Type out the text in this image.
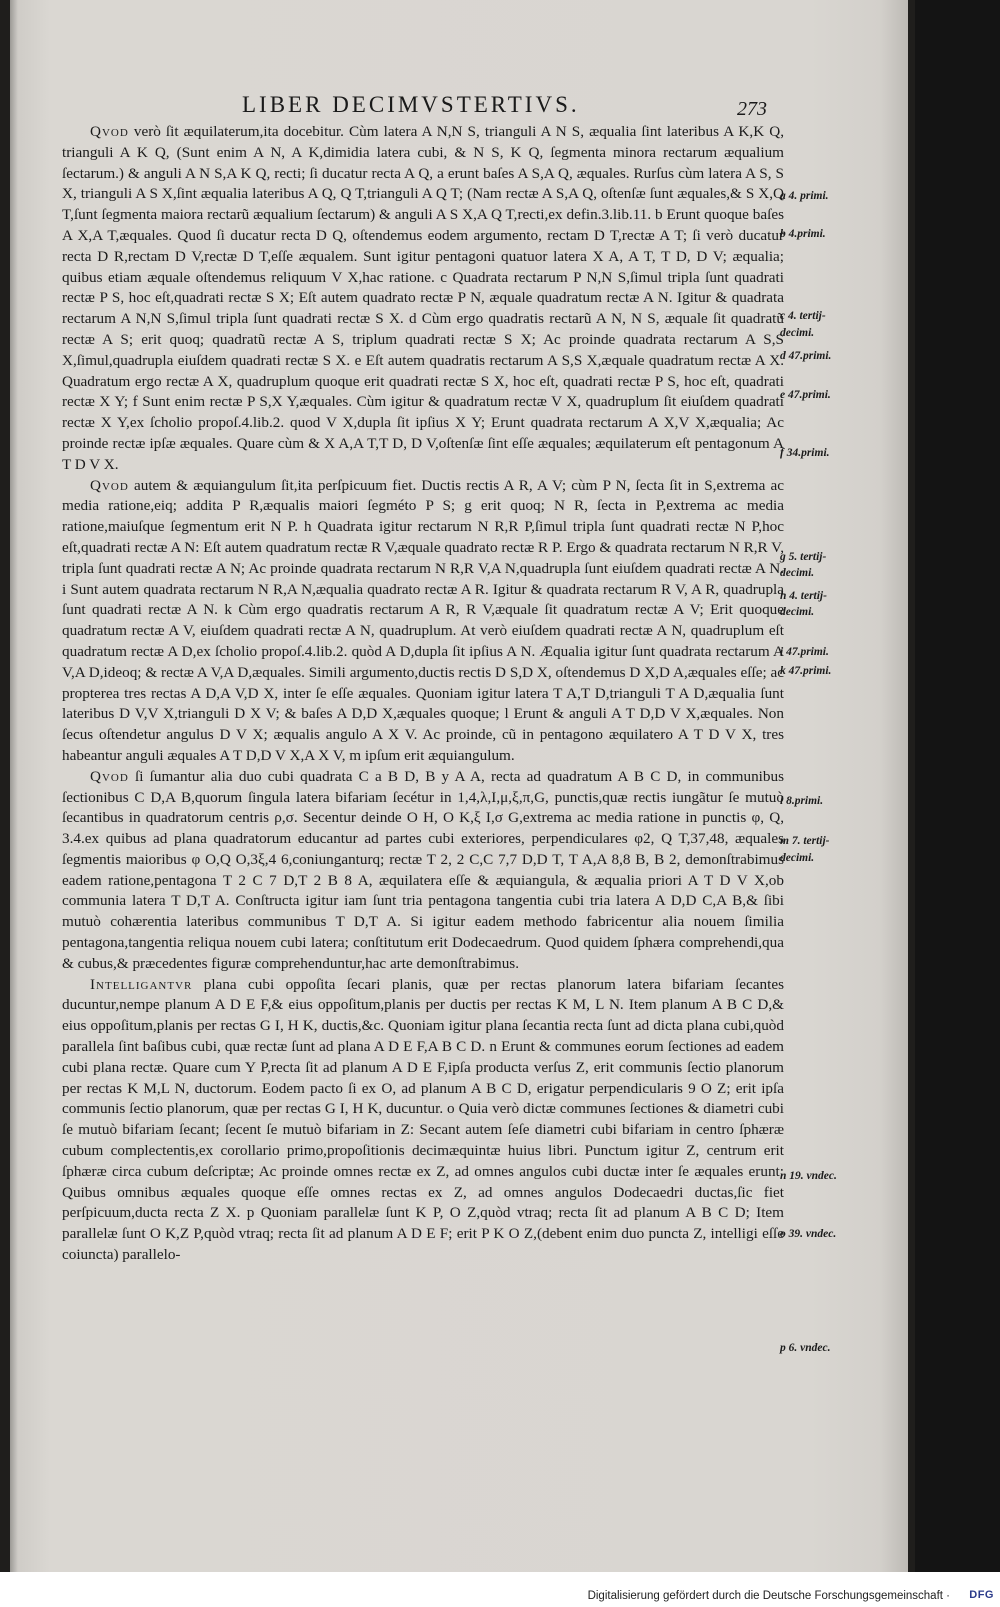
LIBER DECIMVSTERTIVS.	273

Qvod verò ſit æquilaterum,ita docebitur. Cùm latera A N,N S, trianguli A N S, æqualia ſint lateribus A K,K Q, trianguli A K Q, (Sunt enim A N, A K,dimidia latera cubi, & N S, K Q, ſegmenta minora rectarum æqualium ſectarum.) & anguli A N S,A K Q, recti; ſi ducatur recta A Q, a erunt baſes A S,A Q, æquales. Rurſus cùm latera A S, S X, trianguli A S X,ſint æqualia lateribus A Q, Q T,trianguli A Q T; (Nam rectæ A S,A Q, oſtenſæ ſunt æquales,& S X,Q T,ſunt ſegmenta maiora rectarũ æqualium ſectarum) & anguli A S X,A Q T,recti,ex defin.3.lib.11. b Erunt quoque baſes A X,A T,æquales. Quod ſi ducatur recta D Q, oſtendemus eodem argumento, rectam D T,rectæ A T; ſi verò ducatur recta D R,rectam D V,rectæ D T,eſſe æqualem. Sunt igitur pentagoni quatuor latera X A, A T, T D, D V; æqualia; quibus etiam æquale oſtendemus reliquum V X,hac ratione. c Quadrata rectarum P N,N S,ſimul tripla ſunt quadrati rectæ P S, hoc eſt,quadrati rectæ S X; Eſt autem quadrato rectæ P N, æquale quadratum rectæ A N. Igitur & quadrata rectarum A N,N S,ſimul tripla ſunt quadrati rectæ S X. d Cùm ergo quadratis rectarũ A N, N S, æquale ſit quadratũ rectæ A S; erit quoq; quadratũ rectæ A S, triplum quadrati rectæ S X; Ac proinde quadrata rectarum A S,S X,ſimul,quadrupla eiuſdem quadrati rectæ S X. e Eſt autem quadratis rectarum A S,S X,æquale quadratum rectæ A X. Quadratum ergo rectæ A X, quadruplum quoque erit quadrati rectæ S X, hoc eſt, quadrati rectæ P S, hoc eſt, quadrati rectæ X Y; f Sunt enim rectæ P S,X Y,æquales. Cùm igitur & quadratum rectæ V X, quadruplum ſit eiuſdem quadrati rectæ X Y,ex ſcholio propoſ.4.lib.2. quod V X,dupla ſit ipſius X Y; Erunt quadrata rectarum A X,V X,æqualia; Ac proinde rectæ ipſæ æquales. Quare cùm & X A,A T,T D, D V,oſtenſæ ſint eſſe æquales; æquilaterum eſt pentagonum A T D V X.

Qvod autem & æquiangulum ſit,ita perſpicuum fiet. Ductis rectis A R, A V; cùm P N, ſecta ſit in S,extrema ac media ratione,eiq; addita P R,æqualis maiori ſegméto P S; g erit quoq; N R, ſecta in P,extrema ac media ratione,maiuſque ſegmentum erit N P. h Quadrata igitur rectarum N R,R P,ſimul tripla ſunt quadrati rectæ N P,hoc eſt,quadrati rectæ A N: Eſt autem quadratum rectæ R V,æquale quadrato rectæ R P. Ergo & quadrata rectarum N R,R V, tripla ſunt quadrati rectæ A N; Ac proinde quadrata rectarum N R,R V,A N,quadrupla ſunt eiuſdem quadrati rectæ A N. i Sunt autem quadrata rectarum N R,A N,æqualia quadrato rectæ A R. Igitur & quadrata rectarum R V, A R, quadrupla ſunt quadrati rectæ A N. k Cùm ergo quadratis rectarum A R, R V,æquale ſit quadratum rectæ A V; Erit quoque quadratum rectæ A V, eiuſdem quadrati rectæ A N, quadruplum. At verò eiuſdem quadrati rectæ A N, quadruplum eſt quadratum rectæ A D,ex ſcholio propoſ.4.lib.2. quòd A D,dupla ſit ipſius A N. Æqualia igitur ſunt quadrata rectarum A V,A D,ideoq; & rectæ A V,A D,æquales. Simili argumento,ductis rectis D S,D X, oſtendemus D X,D A,æquales eſſe; ac propterea tres rectas A D,A V,D X, inter ſe eſſe æquales. Quoniam igitur latera T A,T D,trianguli T A D,æqualia ſunt lateribus D V,V X,trianguli D X V; & baſes A D,D X,æquales quoque; l Erunt & anguli A T D,D V X,æquales. Non ſecus oſtendetur angulus D V X; æqualis angulo A X V. Ac proinde, cũ in pentagono æquilatero A T D V X, tres habeantur anguli æquales A T D,D V X,A X V, m ipſum erit æquiangulum.

Qvod ſi ſumantur alia duo cubi quadrata C a B D, B y A A, recta ad quadratum A B C D, in communibus ſectionibus C D,A B,quorum ſingula latera bifariam ſecétur in 1,4,λ,I,μ,ξ,π,G, punctis,quæ rectis iungãtur ſe mutuò ſecantibus in quadratorum centris ρ,σ. Secentur deinde O H, O K,ξ I,σ G,extrema ac media ratione in punctis φ, Q, 3.4.ex quibus ad plana quadratorum educantur ad partes cubi exteriores, perpendiculares φ2, Q T,37,48, æquales ſegmentis maioribus φ O,Q O,3ξ,4 6,coniunganturq; rectæ T 2, 2 C,C 7,7 D,D T, T A,A 8,8 B, B 2, demonſtrabimus eadem ratione,pentagona T 2 C 7 D,T 2 B 8 A, æquilatera eſſe & æquiangula, & æqualia priori A T D V X,ob communia latera T D,T A. Conſtructa igitur iam ſunt tria pentagona tangentia cubi tria latera A D,D C,A B,& ſibi mutuò cohærentia lateribus communibus T D,T A. Si igitur eadem methodo fabricentur alia nouem ſimilia pentagona,tangentia reliqua nouem cubi latera; conſtitutum erit Dodecaedrum. Quod quidem ſphæra comprehendi,qua & cubus,& præcedentes figuræ comprehenduntur,hac arte demonſtrabimus.

Intelligantvr plana cubi oppoſita ſecari planis, quæ per rectas planorum latera bifariam ſecantes ducuntur,nempe planum A D E F,& eius oppoſitum,planis per ductis per rectas K M, L N. Item planum A B C D,& eius oppoſitum,planis per rectas G I, H K, ductis,&c. Quoniam igitur plana ſecantia recta ſunt ad dicta plana cubi,quòd parallela ſint baſibus cubi, quæ rectæ ſunt ad plana A D E F,A B C D. n Erunt & communes eorum ſectiones ad eadem cubi plana rectæ. Quare cum Y P,recta ſit ad planum A D E F,ipſa producta verſus Z, erit communis ſectio planorum per rectas K M,L N, ductorum. Eodem pacto ſi ex O, ad planum A B C D, erigatur perpendicularis 9 O Z; erit ipſa communis ſectio planorum, quæ per rectas G I, H K, ducuntur. o Quia verò dictæ communes ſectiones & diametri cubi ſe mutuò bifariam ſecant; ſecent ſe mutuò bifariam in Z: Secant autem ſeſe diametri cubi bifariam in centro ſphæræ cubum complectentis,ex corollario primo,propoſitionis decimæquintæ huius libri. Punctum igitur Z, centrum erit ſphæræ circa cubum deſcriptæ; Ac proinde omnes rectæ ex Z, ad omnes angulos cubi ductæ inter ſe æquales erunt: Quibus omnibus æquales quoque eſſe omnes rectas ex Z, ad omnes angulos Dodecaedri ductas,ſic fiet perſpicuum,ducta recta Z X. p Quoniam parallelæ ſunt K P, O Z,quòd vtraq; recta ſit ad planum A B C D; Item parallelæ ſunt O K,Z P,quòd vtraq; recta ſit ad planum A D E F; erit P K O Z,(debent enim duo puncta Z, intelligi eſſe coiuncta) parallelo-

a 4. primi.
b 4.primi.
c 4. tertij-
decimi.
d 47.primi.
e 47.primi.
f 34.primi.
g 5. tertij-
decimi.
h 4. tertij-
decimi.
i 47.primi.
k 47.primi.
l 8.primi.
m 7. tertij-
decimi.
n 19. vndec.
o 39. vndec.
p 6. vndec.
Digitalisierung gefördert durch die Deutsche Forschungsgemeinschaft · DFG
